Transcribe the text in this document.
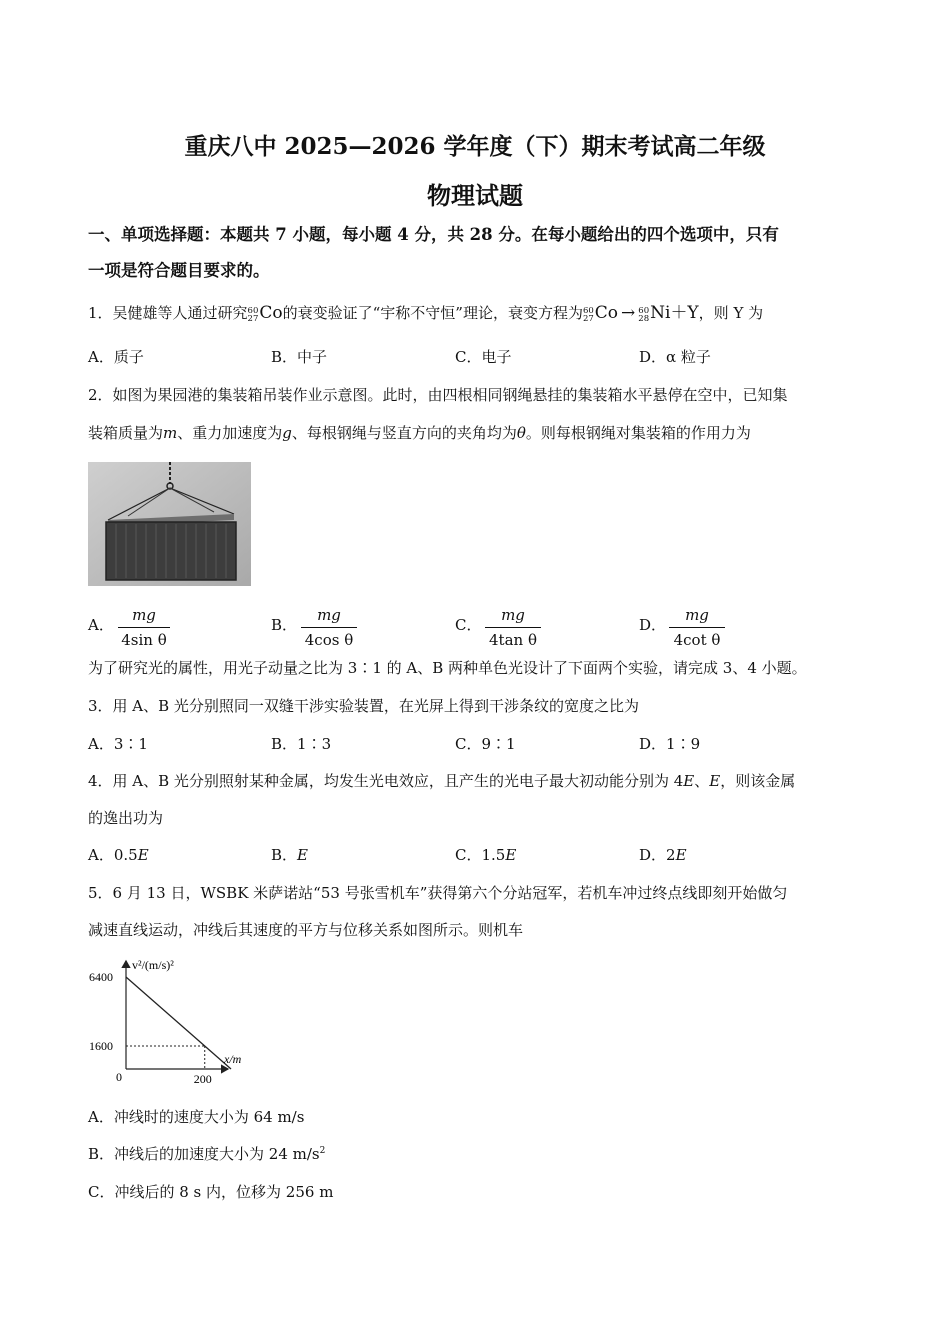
重庆八中 2025—2026 学年度（下）期末考试高二年级
物理试题
一、单项选择题：本题共 7 小题，每小题 4 分，共 28 分。在每小题给出的四个选项中，只有
一项是符合题目要求的。
1．吴健雄等人通过研究60
27Co的衰变验证了“宇称不守恒”理论，衰变方程为60
27Co → 60
28Ni＋Y，则 Y 为
A．质子	B．中子	C．电子	D．α 粒子
2．如图为果园港的集装箱吊装作业示意图。此时，由四根相同钢绳悬挂的集装箱水平悬停在空中，已知集
装箱质量为m、重力加速度为g、每根钢绳与竖直方向的夹角均为θ。则每根钢绳对集装箱的作用力为
A．
mg
4sin θ
B．
mg
4cos θ
C．
mg
4tan θ
D．
mg
4cot θ
为了研究光的属性，用光子动量之比为 3∶1 的 A、B 两种单色光设计了下面两个实验，请完成 3、4 小题。
3．用 A、B 光分别照同一双缝干涉实验装置，在光屏上得到干涉条纹的宽度之比为
A．3∶1	B．1∶3	C．9∶1	D．1∶9
4．用 A、B 光分别照射某种金属，均发生光电效应，且产生的光电子最大初动能分别为 4E、E，则该金属
的逸出功为
A．0.5E	B．E	C．1.5E	D．2E
5．6 月 13 日，WSBK 米萨诺站“53 号张雪机车”获得第六个分站冠军，若机车冲过终点线即刻开始做匀
减速直线运动，冲线后其速度的平方与位移关系如图所示。则机车
v²/(m/s)²
x/m
6400
1600
0	200
A．冲线时的速度大小为 64 m/s
B．冲线后的加速度大小为 24 $m/s^2$
C．冲线后的 8 s 内，位移为 256 m
